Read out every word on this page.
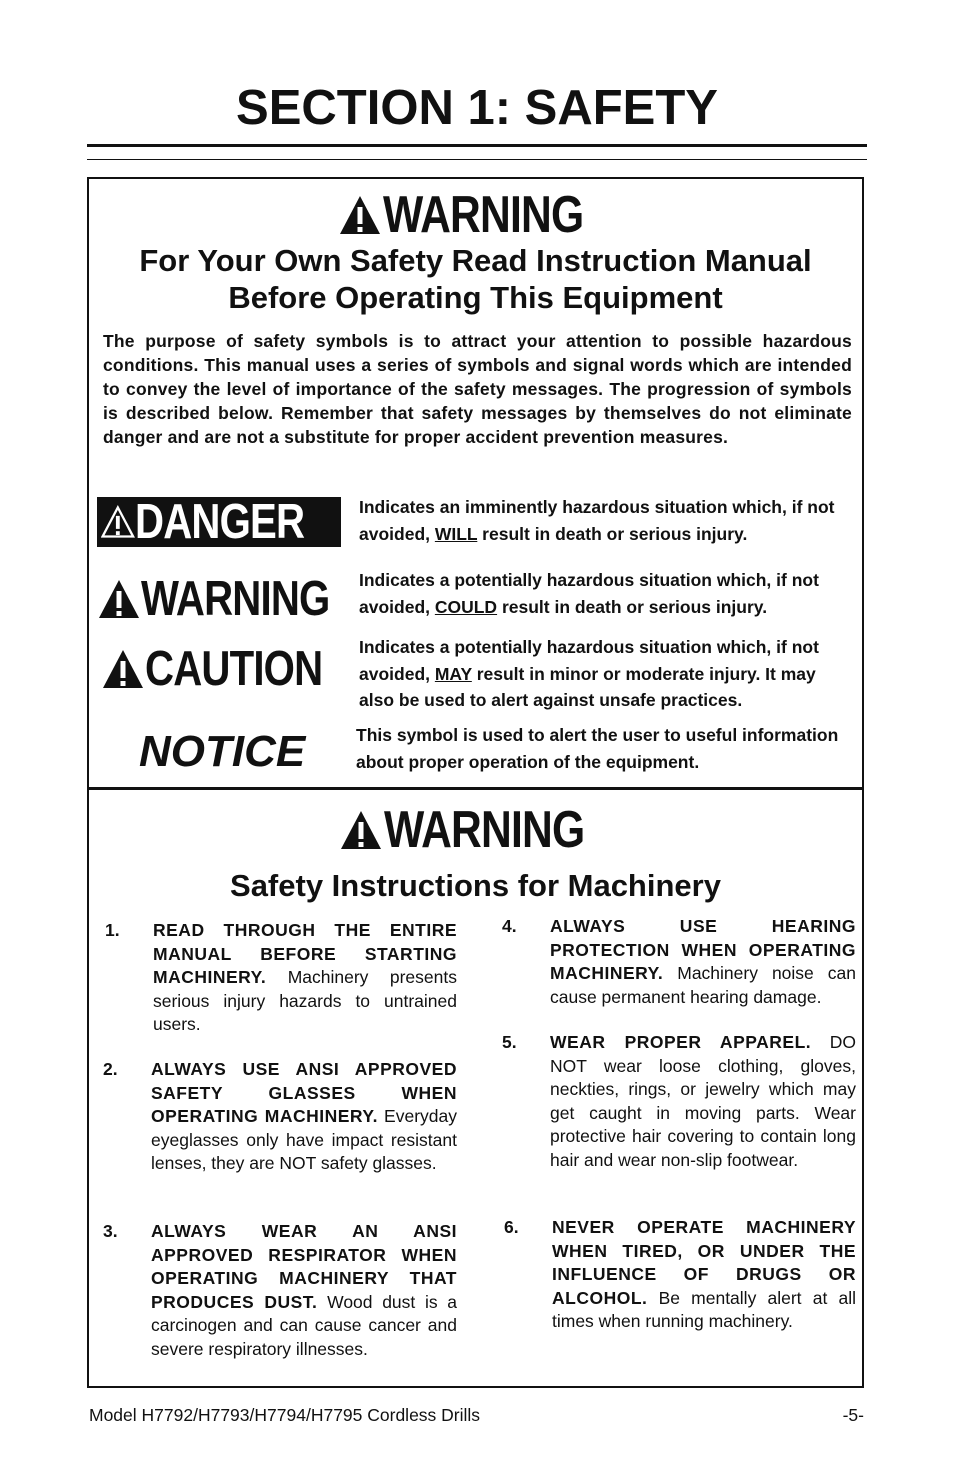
SECTION 1: SAFETY
WARNING
For Your Own Safety Read Instruction Manual
Before Operating This Equipment
The purpose of safety symbols is to attract your attention to possible hazardous conditions. This manual uses a series of symbols and signal words which are intended to convey the level of importance of the safety messages. The progression of symbols is described below. Remember that safety messages by themselves do not eliminate danger and are not a substitute for proper accident prevention measures.
DANGER	Indicates an imminently hazardous situation which, if not avoided, WILL result in death or serious injury.
WARNING Indicates a potentially hazardous situation which, if not avoided, COULD result in death or serious injury.
CAUTION Indicates a potentially hazardous situation which, if not avoided, MAY result in minor or moderate injury. It may also be used to alert against unsafe practices.
NOTICE	This symbol is used to alert the user to useful information about proper operation of the equipment.
WARNING
Safety Instructions for Machinery
1. READ THROUGH THE ENTIRE MANUAL BEFORE STARTING MACHINERY. Machinery presents serious injury hazards to untrained users.
2. ALWAYS USE ANSI APPROVED SAFETY GLASSES WHEN OPERATING MACHINERY. Everyday eyeglasses only have impact resistant lenses, they are NOT safety glasses.
3. ALWAYS WEAR AN ANSI APPROVED RESPIRATOR WHEN OPERATING MACHINERY THAT PRODUCES DUST. Wood dust is a carcinogen and can cause cancer and severe respiratory illnesses.
4. ALWAYS USE HEARING PROTECTION WHEN OPERATING MACHINERY. Machinery noise can cause permanent hearing damage.
5. WEAR PROPER APPAREL. DO NOT wear loose clothing, gloves, neckties, rings, or jewelry which may get caught in moving parts. Wear protective hair covering to contain long hair and wear non-slip footwear.
6. NEVER OPERATE MACHINERY WHEN TIRED, OR UNDER THE INFLUENCE OF DRUGS OR ALCOHOL. Be mentally alert at all times when running machinery.
Model H7792/H7793/H7794/H7795 Cordless Drills	-5-
